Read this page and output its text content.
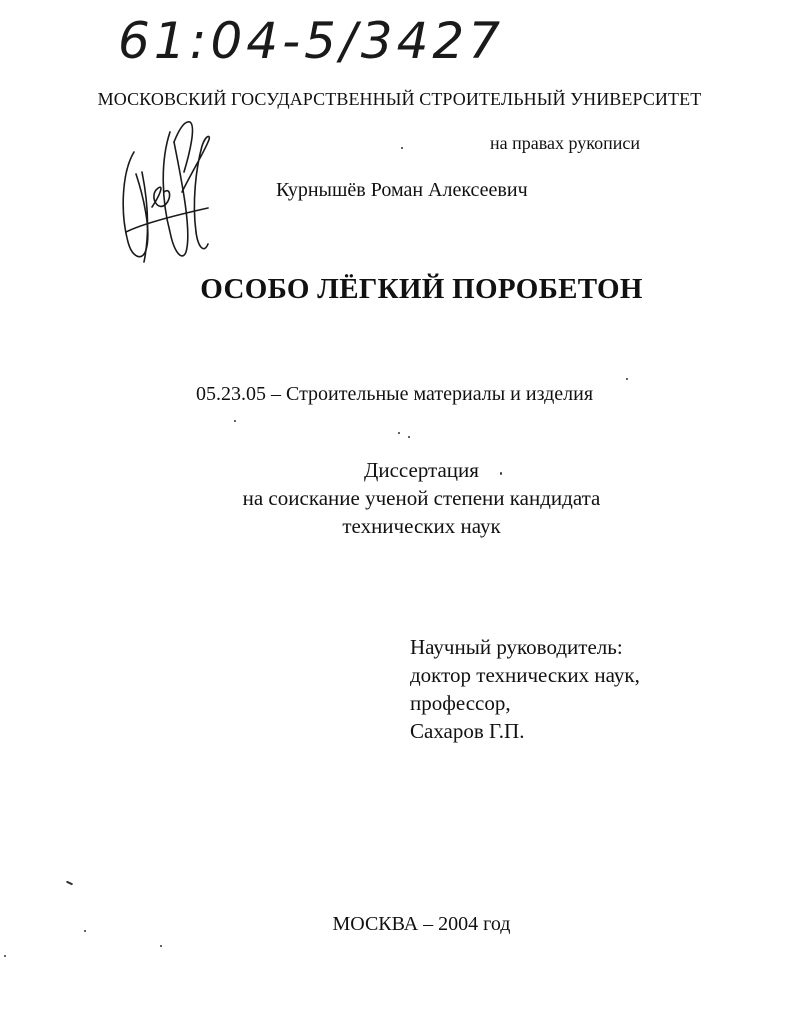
61:04-5/3427
МОСКОВСКИЙ ГОСУДАРСТВЕННЫЙ СТРОИТЕЛЬНЫЙ УНИВЕРСИТЕТ
на правах рукописи
Курнышёв Роман Алексеевич
ОСОБО ЛЁГКИЙ ПОРОБЕТОН
05.23.05 – Строительные материалы и изделия
Диссертация
на соискание ученой степени кандидата
технических наук
Научный руководитель:
доктор технических наук,
профессор,
Сахаров Г.П.
МОСКВА – 2004 год
